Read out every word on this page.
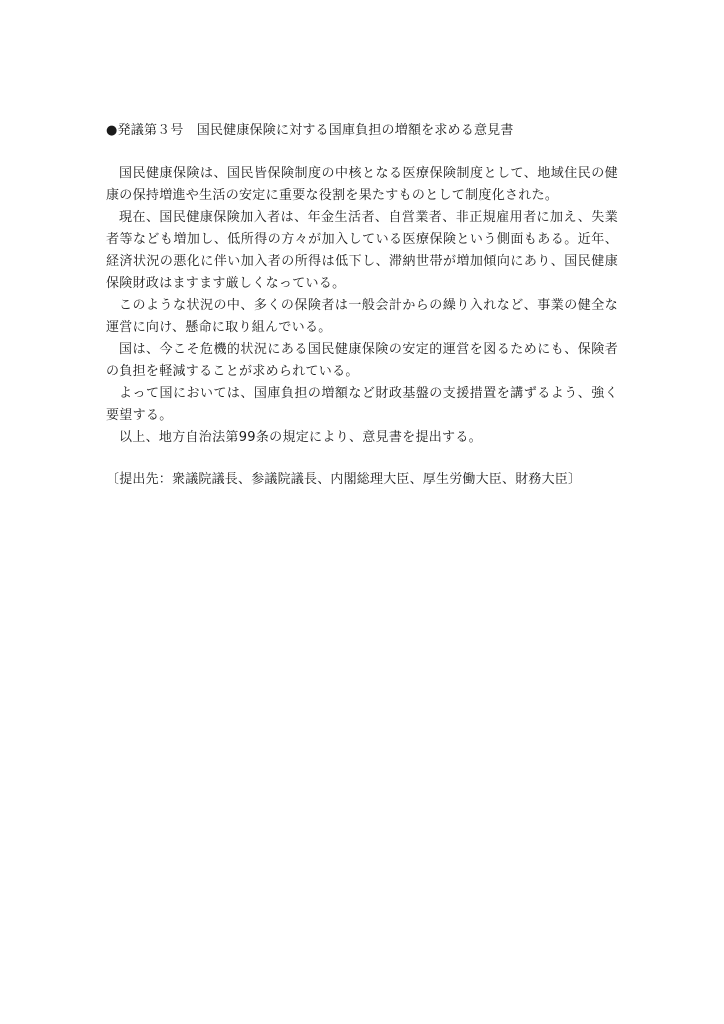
●発議第３号　国民健康保険に対する国庫負担の増額を求める意見書

国民健康保険は、国民皆保険制度の中核となる医療保険制度として、地域住民の健康の保持増進や生活の安定に重要な役割を果たすものとして制度化された。

現在、国民健康保険加入者は、年金生活者、自営業者、非正規雇用者に加え、失業者等なども増加し、低所得の方々が加入している医療保険という側面もある。近年、経済状況の悪化に伴い加入者の所得は低下し、滞納世帯が増加傾向にあり、国民健康保険財政はますます厳しくなっている。

このような状況の中、多くの保険者は一般会計からの繰り入れなど、事業の健全な運営に向け、懸命に取り組んでいる。

国は、今こそ危機的状況にある国民健康保険の安定的運営を図るためにも、保険者の負担を軽減することが求められている。

よって国においては、国庫負担の増額など財政基盤の支援措置を講ずるよう、強く要望する。

以上、地方自治法第99条の規定により、意見書を提出する。

〔提出先：衆議院議長、参議院議長、内閣総理大臣、厚生労働大臣、財務大臣〕
